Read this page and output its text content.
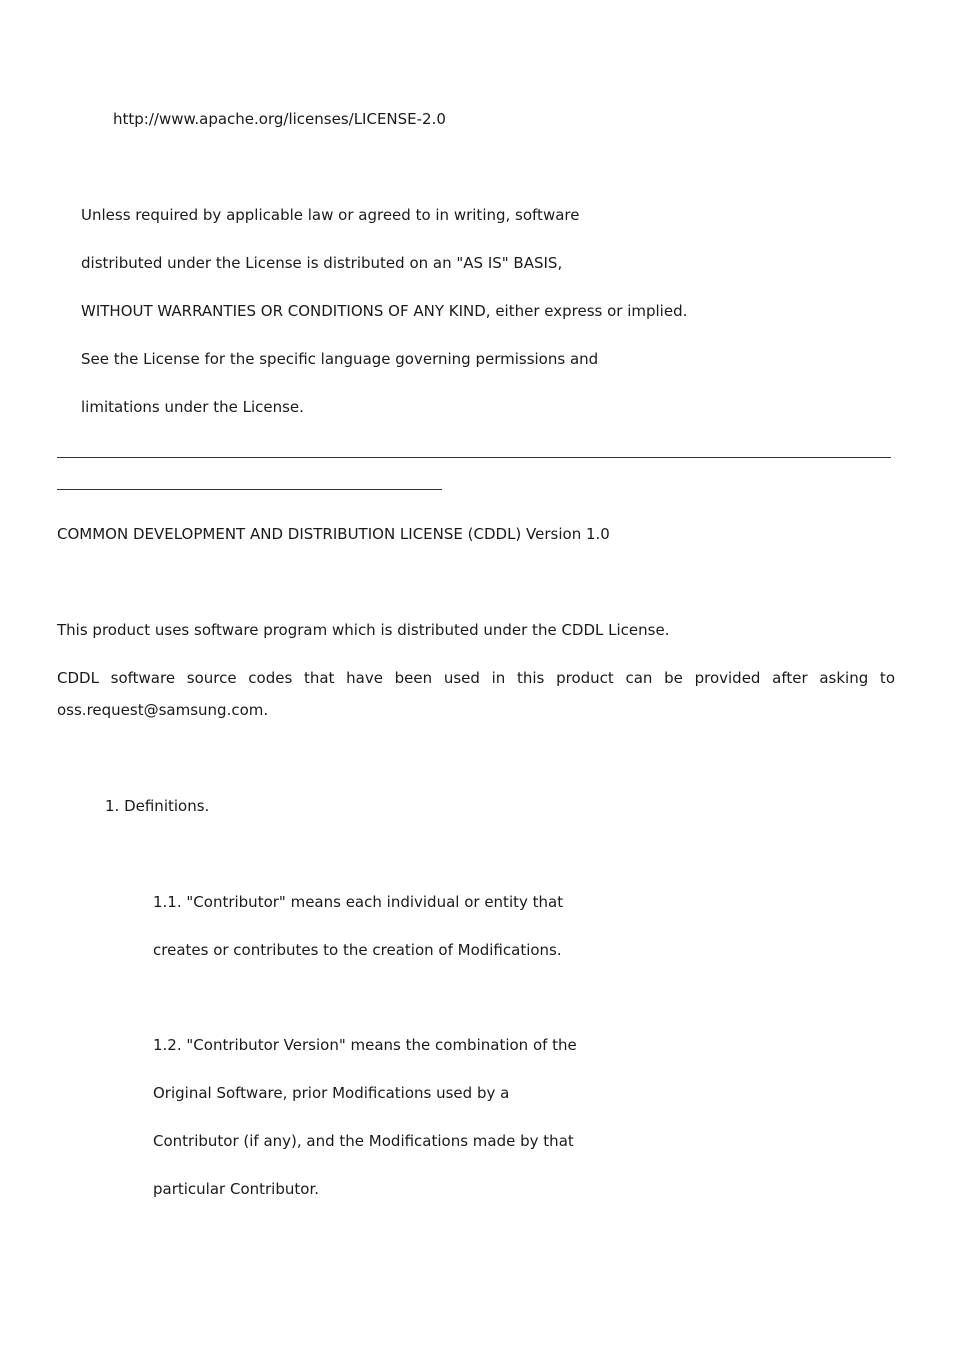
http://www.apache.org/licenses/LICENSE-2.0

Unless required by applicable law or agreed to in writing, software

distributed under the License is distributed on an "AS IS" BASIS,

WITHOUT WARRANTIES OR CONDITIONS OF ANY KIND, either express or implied.

See the License for the specific language governing permissions and

limitations under the License.

COMMON DEVELOPMENT AND DISTRIBUTION LICENSE (CDDL) Version 1.0

This product uses software program which is distributed under the CDDL License.

CDDL software source codes that have been used in this product can be provided after asking to

oss.request@samsung.com.

1. Definitions.

1.1. "Contributor" means each individual or entity that

creates or contributes to the creation of Modifications.

1.2. "Contributor Version" means the combination of the

Original Software, prior Modifications used by a

Contributor (if any), and the Modifications made by that

particular Contributor.
